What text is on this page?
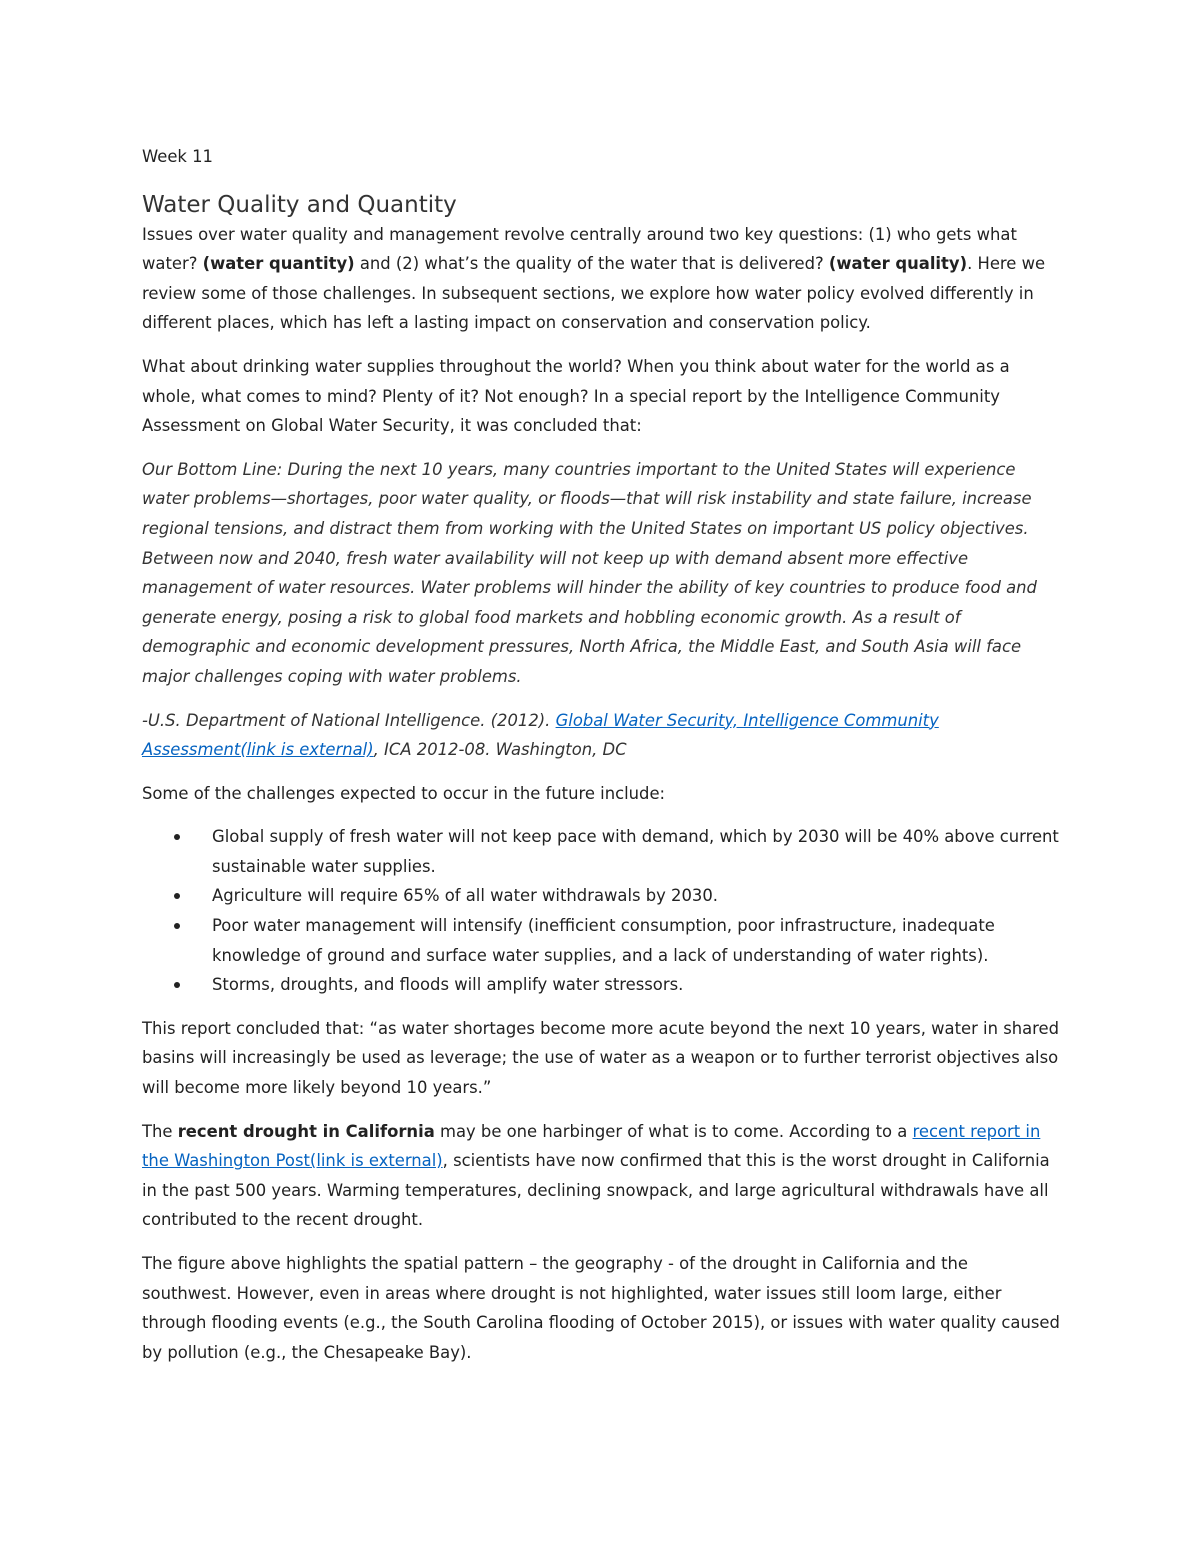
Week 11

Water Quality and Quantity

Issues over water quality and management revolve centrally around two key questions: (1) who gets what water? (water quantity) and (2) what’s the quality of the water that is delivered? (water quality). Here we review some of those challenges. In subsequent sections, we explore how water policy evolved differently in different places, which has left a lasting impact on conservation and conservation policy.

What about drinking water supplies throughout the world? When you think about water for the world as a whole, what comes to mind? Plenty of it? Not enough? In a special report by the Intelligence Community Assessment on Global Water Security, it was concluded that:

Our Bottom Line: During the next 10 years, many countries important to the United States will experience water problems—shortages, poor water quality, or floods—that will risk instability and state failure, increase regional tensions, and distract them from working with the United States on important US policy objectives. Between now and 2040, fresh water availability will not keep up with demand absent more effective management of water resources. Water problems will hinder the ability of key countries to produce food and generate energy, posing a risk to global food markets and hobbling economic growth. As a result of demographic and economic development pressures, North Africa, the Middle East, and South Asia will face major challenges coping with water problems.

-U.S. Department of National Intelligence. (2012). Global Water Security, Intelligence Community Assessment(link is external), ICA 2012-08. Washington, DC

Some of the challenges expected to occur in the future include:

Global supply of fresh water will not keep pace with demand, which by 2030 will be 40% above current sustainable water supplies.
Agriculture will require 65% of all water withdrawals by 2030.
Poor water management will intensify (inefficient consumption, poor infrastructure, inadequate knowledge of ground and surface water supplies, and a lack of understanding of water rights).
Storms, droughts, and floods will amplify water stressors.

This report concluded that: “as water shortages become more acute beyond the next 10 years, water in shared basins will increasingly be used as leverage; the use of water as a weapon or to further terrorist objectives also will become more likely beyond 10 years.”

The recent drought in California may be one harbinger of what is to come. According to a recent report in the Washington Post(link is external), scientists have now confirmed that this is the worst drought in California in the past 500 years. Warming temperatures, declining snowpack, and large agricultural withdrawals have all contributed to the recent drought.

The figure above highlights the spatial pattern – the geography - of the drought in California and the southwest. However, even in areas where drought is not highlighted, water issues still loom large, either through flooding events (e.g., the South Carolina flooding of October 2015), or issues with water quality caused by pollution (e.g., the Chesapeake Bay).
